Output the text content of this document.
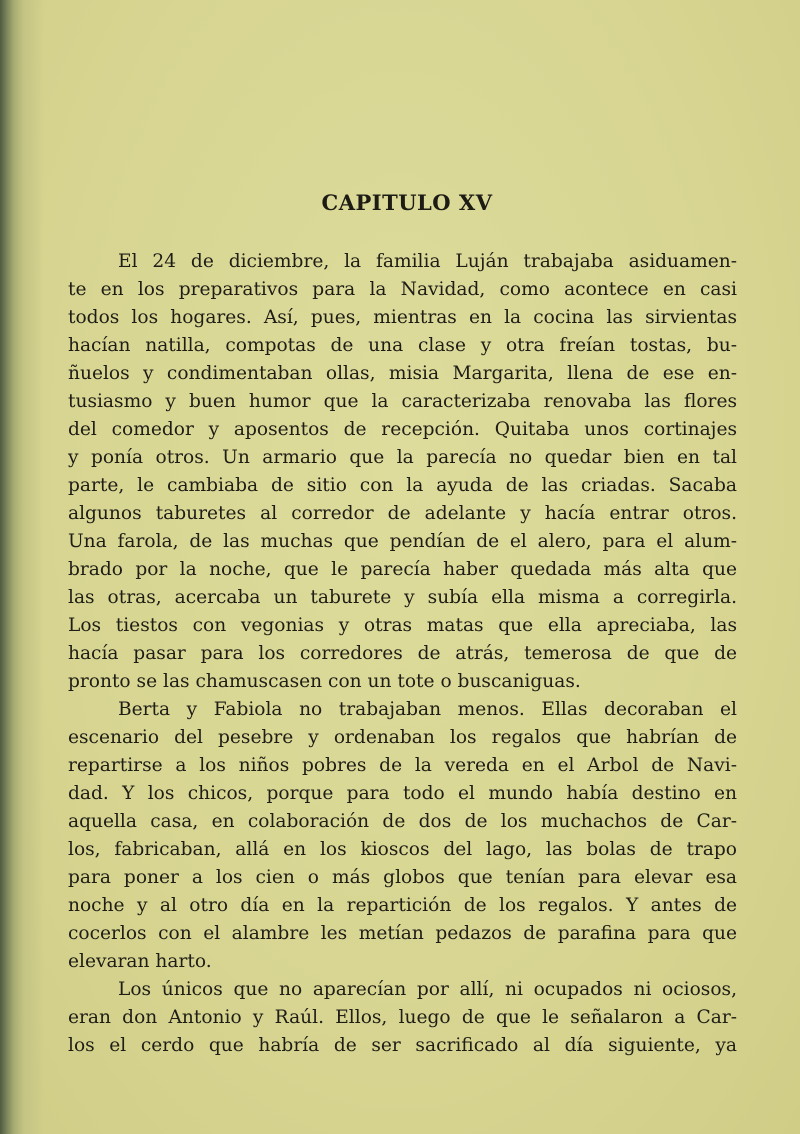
CAPITULO XV
El 24 de diciembre, la familia Luján trabajaba asiduamen-
te en los preparativos para la Navidad, como acontece en casi
todos los hogares. Así, pues, mientras en la cocina las sirvientas
hacían natilla, compotas de una clase y otra freían tostas, bu-
ñuelos y condimentaban ollas, misia Margarita, llena de ese en-
tusiasmo y buen humor que la caracterizaba renovaba las flores
del comedor y aposentos de recepción. Quitaba unos cortinajes
y ponía otros. Un armario que la parecía no quedar bien en tal
parte, le cambiaba de sitio con la ayuda de las criadas. Sacaba
algunos taburetes al corredor de adelante y hacía entrar otros.
Una farola, de las muchas que pendían de el alero, para el alum-
brado por la noche, que le parecía haber quedada más alta que
las otras, acercaba un taburete y subía ella misma a corregirla.
Los tiestos con vegonias y otras matas que ella apreciaba, las
hacía pasar para los corredores de atrás, temerosa de que de
pronto se las chamuscasen con un tote o buscaniguas.
Berta y Fabiola no trabajaban menos. Ellas decoraban el
escenario del pesebre y ordenaban los regalos que habrían de
repartirse a los niños pobres de la vereda en el Arbol de Navi-
dad. Y los chicos, porque para todo el mundo había destino en
aquella casa, en colaboración de dos de los muchachos de Car-
los, fabricaban, allá en los kioscos del lago, las bolas de trapo
para poner a los cien o más globos que tenían para elevar esa
noche y al otro día en la repartición de los regalos. Y antes de
cocerlos con el alambre les metían pedazos de parafina para que
elevaran harto.
Los únicos que no aparecían por allí, ni ocupados ni ociosos,
eran don Antonio y Raúl. Ellos, luego de que le señalaron a Car-
los el cerdo que habría de ser sacrificado al día siguiente, ya
